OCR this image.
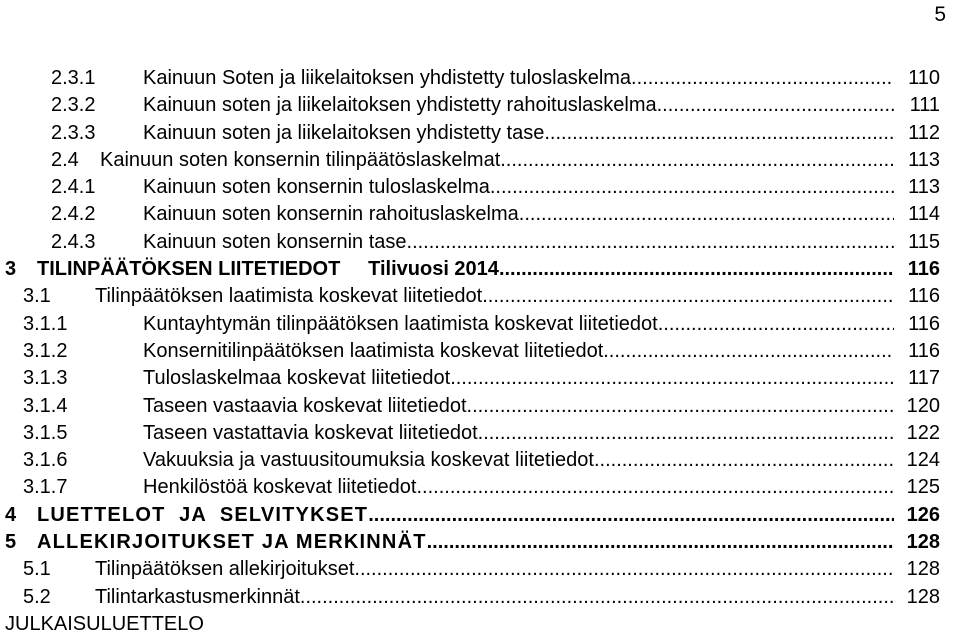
5
2.3.1 Kainuun Soten ja liikelaitoksen yhdistetty tuloslaskelma .....	110
2.3.2 Kainuun soten ja liikelaitoksen yhdistetty rahoituslaskelma .....	111
2.3.3 Kainuun soten ja liikelaitoksen yhdistetty tase .....	112
2.4 Kainuun soten konsernin tilinpäätöslaskelmat .....	113
2.4.1 Kainuun soten konsernin tuloslaskelma .....	113
2.4.2 Kainuun soten konsernin rahoituslaskelma .....	114
2.4.3 Kainuun soten konsernin tase .....	115
3 TILINPÄÄTÖKSEN LIITETIEDOT     Tilivuosi 2014 .....	116
3.1 Tilinpäätöksen laatimista koskevat liitetiedot .....	116
3.1.1	Kuntayhtymän tilinpäätöksen laatimista koskevat liitetiedot .....	116
3.1.2	Konsernitilinpäätöksen laatimista koskevat liitetiedot .....	116
3.1.3	Tuloslaskelmaa koskevat liitetiedot .....	117
3.1.4	Taseen vastaavia koskevat liitetiedot .....	120
3.1.5	Taseen vastattavia koskevat liitetiedot .....	122
3.1.6	Vakuuksia ja vastuusitoumuksia koskevat liitetiedot .....	124
3.1.7	Henkilöstöä koskevat liitetiedot .....	125
4 LUETTELOT  JA  SELVITYKSET .....	126
5 ALLEKIRJOITUKSET JA MERKINNÄT .....	128
5.1 Tilinpäätöksen allekirjoitukset .....	128
5.2 Tilintarkastusmerkinnät .....	128
JULKAISULUETTELO
